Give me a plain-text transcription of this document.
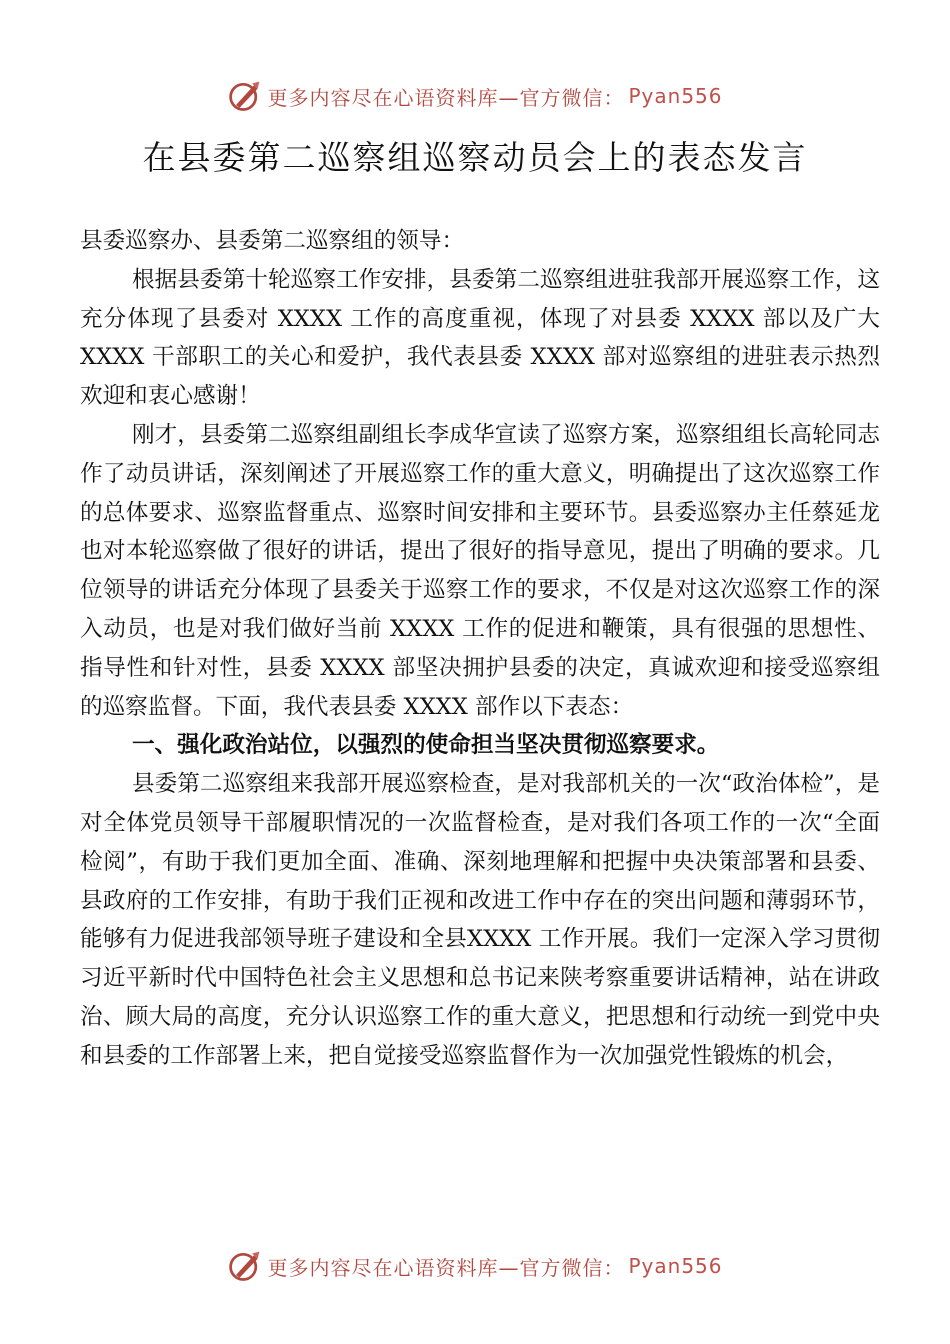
更多内容尽在心语资料库—官方微信： Pyan556
在县委第二巡察组巡察动员会上的表态发言

县委巡察办、县委第二巡察组的领导：

根据县委第十轮巡察工作安排，县委第二巡察组进驻我部开展巡察工作，这充分体现了县委对 XXXX 工作的高度重视，体现了对县委 XXXX 部以及广大 XXXX 干部职工的关心和爱护，我代表县委 XXXX 部对巡察组的进驻表示热烈欢迎和衷心感谢！

刚才，县委第二巡察组副组长李成华宣读了巡察方案，巡察组组长高轮同志作了动员讲话，深刻阐述了开展巡察工作的重大意义，明确提出了这次巡察工作的总体要求、巡察监督重点、巡察时间安排和主要环节。县委巡察办主任蔡延龙也对本轮巡察做了很好的讲话，提出了很好的指导意见，提出了明确的要求。几位领导的讲话充分体现了县委关于巡察工作的要求，不仅是对这次巡察工作的深入动员，也是对我们做好当前 XXXX 工作的促进和鞭策，具有很强的思想性、指导性和针对性，县委 XXXX 部坚决拥护县委的决定，真诚欢迎和接受巡察组的巡察监督。下面，我代表县委 XXXX 部作以下表态：

一、强化政治站位，以强烈的使命担当坚决贯彻巡察要求。

县委第二巡察组来我部开展巡察检查，是对我部机关的一次“政治体检”，是对全体党员领导干部履职情况的一次监督检查，是对我们各项工作的一次“全面检阅”，有助于我们更加全面、准确、深刻地理解和把握中央决策部署和县委、县政府的工作安排，有助于我们正视和改进工作中存在的突出问题和薄弱环节，能够有力促进我部领导班子建设和全县XXXX 工作开展。我们一定深入学习贯彻习近平新时代中国特色社会主义思想和总书记来陕考察重要讲话精神，站在讲政治、顾大局的高度，充分认识巡察工作的重大意义，把思想和行动统一到党中央和县委的工作部署上来，把自觉接受巡察监督作为一次加强党性锻炼的机会，

更多内容尽在心语资料库—官方微信： Pyan556
